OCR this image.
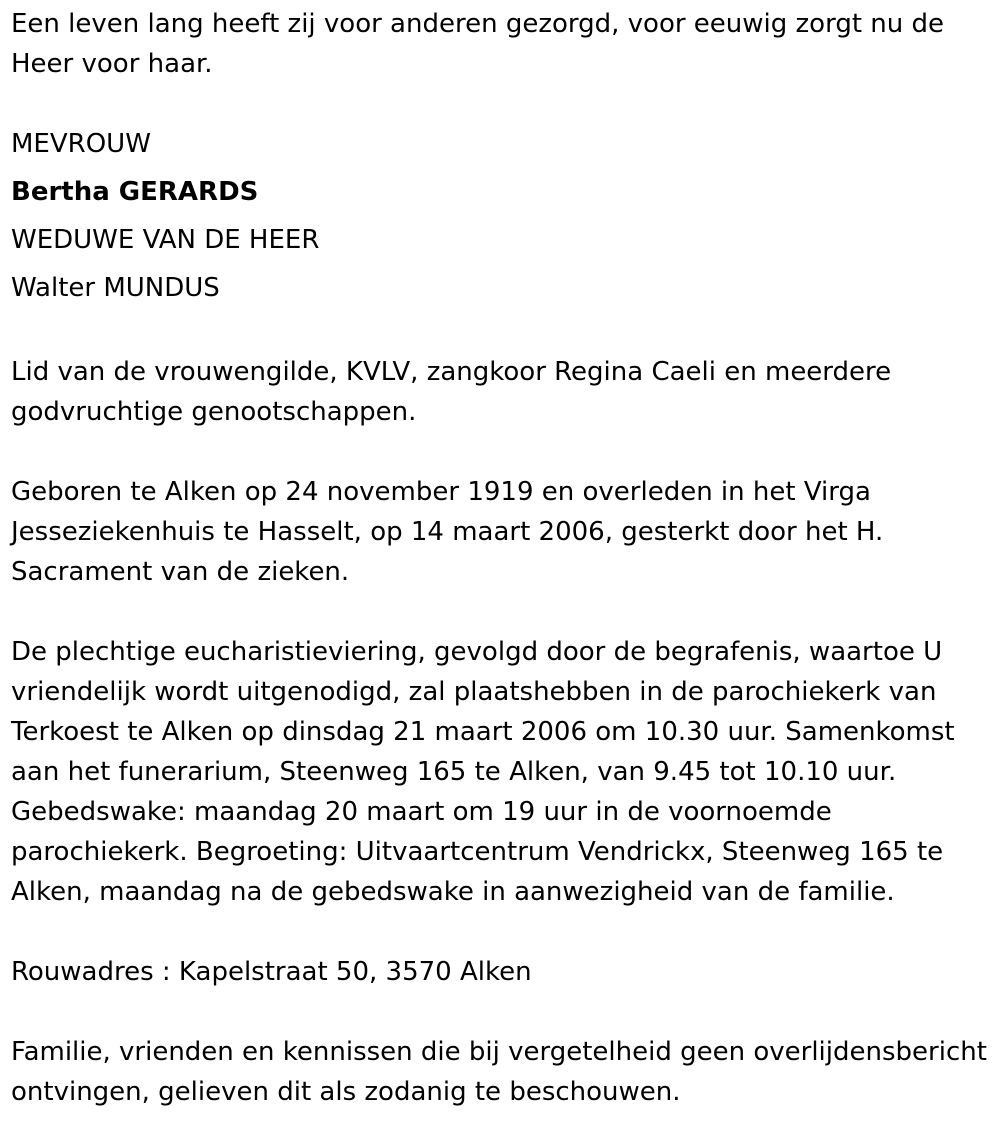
Een leven lang heeft zij voor anderen gezorgd, voor eeuwig zorgt nu de Heer voor haar.

MEVROUW

Bertha GERARDS

WEDUWE VAN DE HEER

Walter MUNDUS

Lid van de vrouwengilde, KVLV, zangkoor Regina Caeli en meerdere godvruchtige genootschappen.

Geboren te Alken op 24 november 1919 en overleden in het Virga Jesseziekenhuis te Hasselt, op 14 maart 2006, gesterkt door het H. Sacrament van de zieken.

De plechtige eucharistieviering, gevolgd door de begrafenis, waartoe U vriendelijk wordt uitgenodigd, zal plaatshebben in de parochiekerk van Terkoest te Alken op dinsdag 21 maart 2006 om 10.30 uur. Samenkomst aan het funerarium, Steenweg 165 te Alken, van 9.45 tot 10.10 uur. Gebedswake: maandag 20 maart om 19 uur in de voornoemde parochiekerk. Begroeting: Uitvaartcentrum Vendrickx, Steenweg 165 te Alken, maandag na de gebedswake in aanwezigheid van de familie.

Rouwadres : Kapelstraat 50, 3570 Alken

Familie, vrienden en kennissen die bij vergetelheid geen overlijdensbericht ontvingen, gelieven dit als zodanig te beschouwen.
